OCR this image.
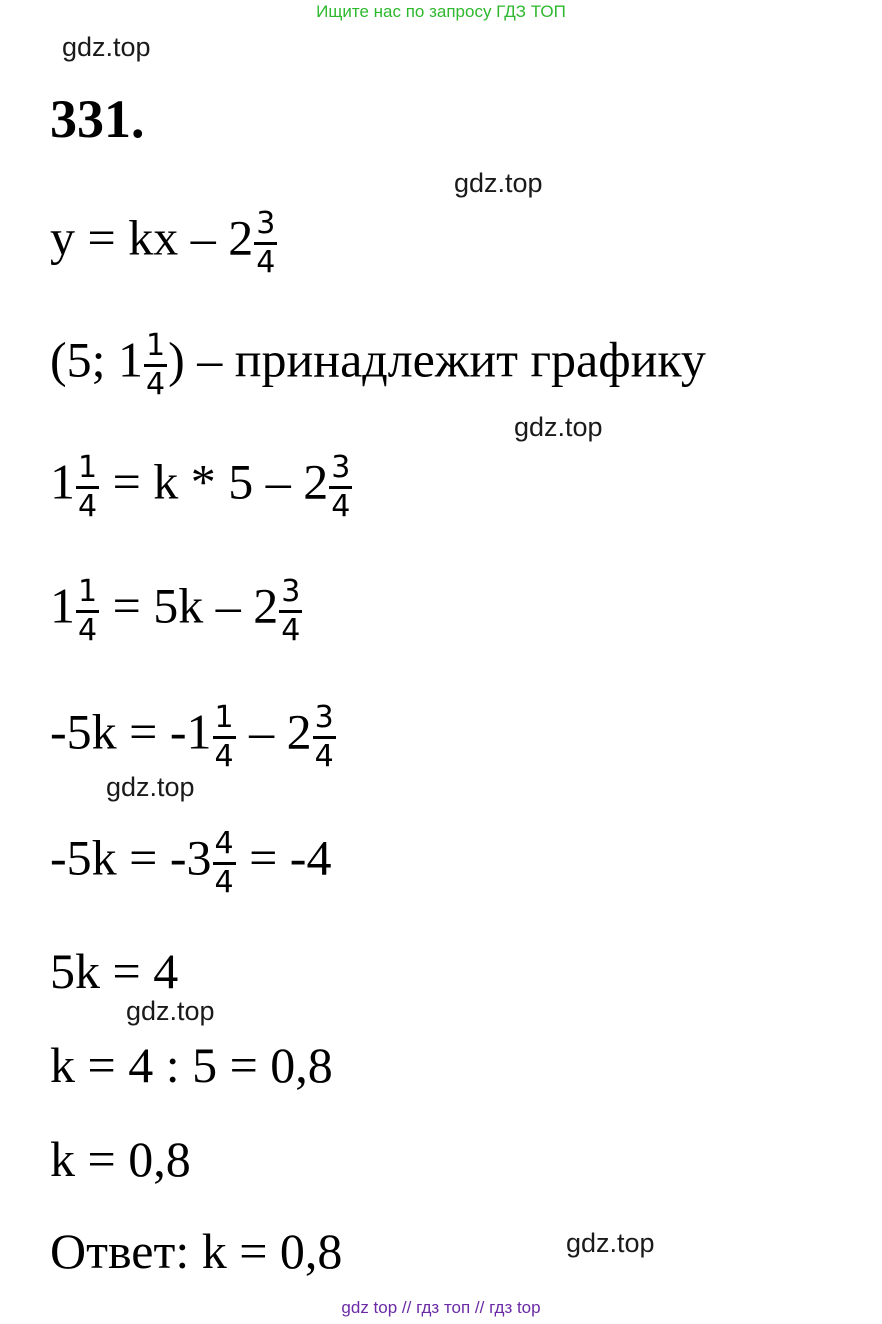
Ищите нас по запросу ГДЗ ТОП
gdz.top
gdz.top
gdz.top
gdz.top
gdz.top
gdz.top
331.
y = kx – $2 \frac{3}{4}$
(5; $1 \frac{1}{4}$ ) – принадлежит графику
$1 \frac{1}{4} = k * 5 - 2 \frac{3}{4}$
$1 \frac{1}{4} = 5k - 2 \frac{3}{4}$
$-5k = -1 \frac{1}{4} - 2 \frac{3}{4}$
$-5k = -3 \frac{4}{4} = -4$
5k = 4
k = 4 : 5 = 0,8
k = 0,8
Ответ: k = 0,8
gdz top // гдз топ // гдз top
